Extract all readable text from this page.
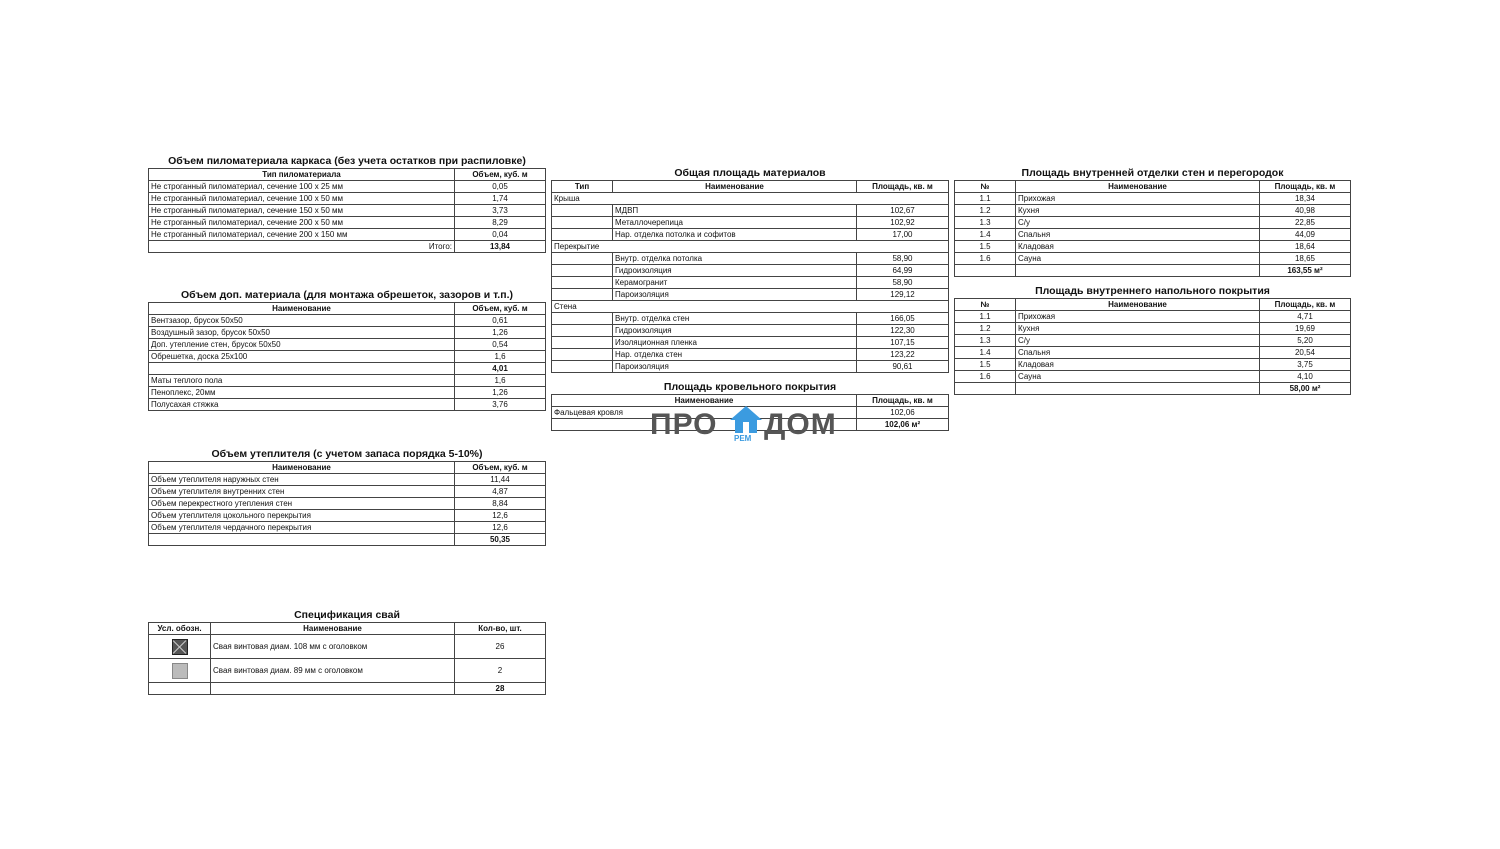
Объем пиломатериала каркаса (без учета остатков при распиловке)
Тип пиломатериала	Объем, куб. м
Не строганный пиломатериал, сечение 100 х 25 мм	0,05
Не строганный пиломатериал, сечение 100 х 50 мм	1,74
Не строганный пиломатериал, сечение 150 х 50 мм	3,73
Не строганный пиломатериал, сечение 200 х 50 мм	8,29
Не строганный пиломатериал, сечение 200 х 150 мм	0,04
Итого:	13,84
Объем доп. материала (для монтажа обрешеток, зазоров и т.п.)
Наименование	Объем, куб. м
Вентзазор, брусок 50х50	0,61
Воздушный зазор, брусок 50х50	1,26
Доп. утепление стен, брусок 50х50	0,54
Обрешетка, доска 25х100	1,6
	4,01
Маты теплого пола	1,6
Пеноплекс, 20мм	1,26
Полусахая стяжка	3,76
Объем утеплителя (с учетом запаса порядка 5-10%)
Наименование	Объем, куб. м
Объем утеплителя наружных стен	11,44
Объем утеплителя внутренних стен	4,87
Объем перекрестного утепления стен	8,84
Объем утеплителя цокольного перекрытия	12,6
Объем утеплителя чердачного перекрытия	12,6
	50,35
Спецификация свай
Усл. обозн.	Наименование	Кол-во, шт.

	Свая винтовая диам. 108 мм с оголовком	26

	Свая винтовая диам. 89 мм с оголовком	2
		28
Общая площадь материалов
Тип	Наименование	Площадь, кв. м
Крыша		
	МДВП	102,67
	Металлочерепица	102,92
	Нар. отделка потолка и софитов	17,00
Перекрытие		
	Внутр. отделка потолка	58,90
	Гидроизоляция	64,99
	Керамогранит	58,90
	Пароизоляция	129,12
Стена		
	Внутр. отделка стен	166,05
	Гидроизоляция	122,30
	Изоляционная пленка	107,15
	Нар. отделка стен	123,22
	Пароизоляция	90,61
Площадь кровельного покрытия
Наименование	Площадь, кв. м
Фальцевая кровля	102,06
	102,06 м²
ПРО ДОМ
РЕМ
Площадь внутренней отделки стен и перегородок
№	Наименование	Площадь, кв. м
1.1	Прихожая	18,34
1.2	Кухня	40,98
1.3	С/у	22,85
1.4	Спальня	44,09
1.5	Кладовая	18,64
1.6	Сауна	18,65
		163,55 м²
Площадь внутреннего напольного покрытия
№	Наименование	Площадь, кв. м
1.1	Прихожая	4,71
1.2	Кухня	19,69
1.3	С/у	5,20
1.4	Спальня	20,54
1.5	Кладовая	3,75
1.6	Сауна	4,10
		58,00 м²
